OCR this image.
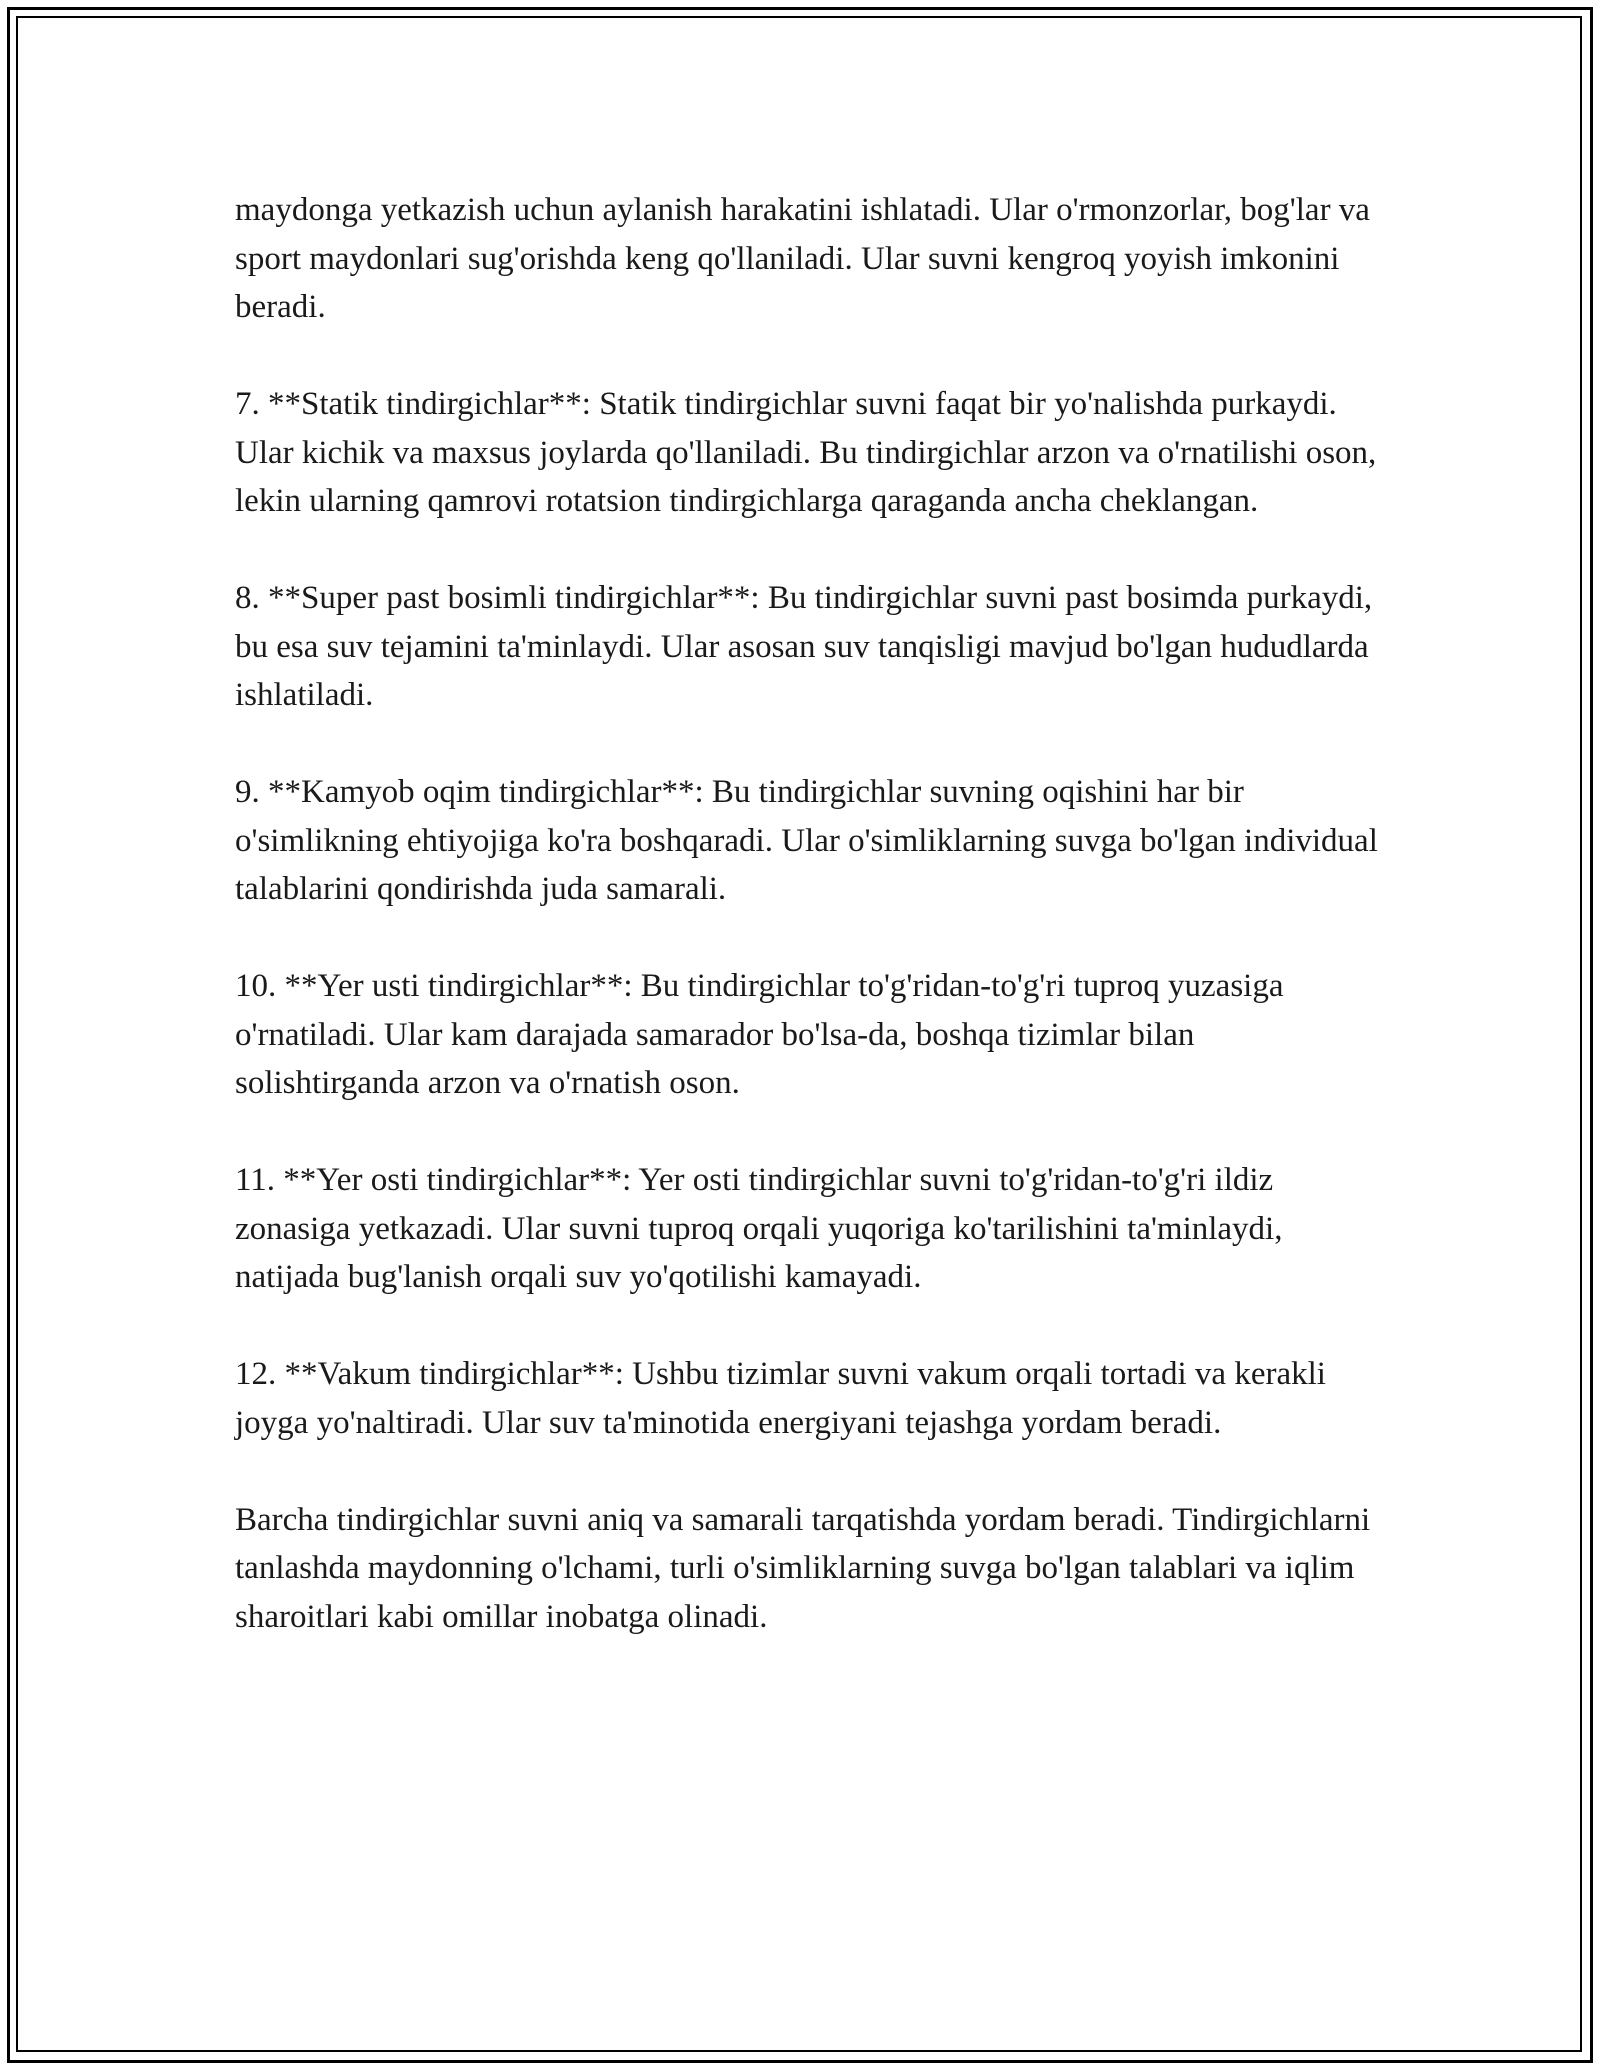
maydonga yetkazish uchun aylanish harakatini ishlatadi. Ular o'rmonzorlar, bog'lar va sport maydonlari sug'orishda keng qo'llaniladi. Ular suvni kengroq yoyish imkonini beradi.

7. **Statik tindirgichlar**: Statik tindirgichlar suvni faqat bir yo'nalishda purkaydi. Ular kichik va maxsus joylarda qo'llaniladi. Bu tindirgichlar arzon va o'rnatilishi oson, lekin ularning qamrovi rotatsion tindirgichlarga qaraganda ancha cheklangan.

8. **Super past bosimli tindirgichlar**: Bu tindirgichlar suvni past bosimda purkaydi, bu esa suv tejamini ta'minlaydi. Ular asosan suv tanqisligi mavjud bo'lgan hududlarda ishlatiladi.

9. **Kamyob oqim tindirgichlar**: Bu tindirgichlar suvning oqishini har bir o'simlikning ehtiyojiga ko'ra boshqaradi. Ular o'simliklarning suvga bo'lgan individual talablarini qondirishda juda samarali.

10. **Yer usti tindirgichlar**: Bu tindirgichlar to'g'ridan-to'g'ri tuproq yuzasiga o'rnatiladi. Ular kam darajada samarador bo'lsa-da, boshqa tizimlar bilan solishtirganda arzon va o'rnatish oson.

11. **Yer osti tindirgichlar**: Yer osti tindirgichlar suvni to'g'ridan-to'g'ri ildiz zonasiga yetkazadi. Ular suvni tuproq orqali yuqoriga ko'tarilishini ta'minlaydi, natijada bug'lanish orqali suv yo'qotilishi kamayadi.

12. **Vakum tindirgichlar**: Ushbu tizimlar suvni vakum orqali tortadi va kerakli joyga yo'naltiradi. Ular suv ta'minotida energiyani tejashga yordam beradi.

Barcha tindirgichlar suvni aniq va samarali tarqatishda yordam beradi. Tindirgichlarni tanlashda maydonning o'lchami, turli o'simliklarning suvga bo'lgan talablari va iqlim sharoitlari kabi omillar inobatga olinadi.
